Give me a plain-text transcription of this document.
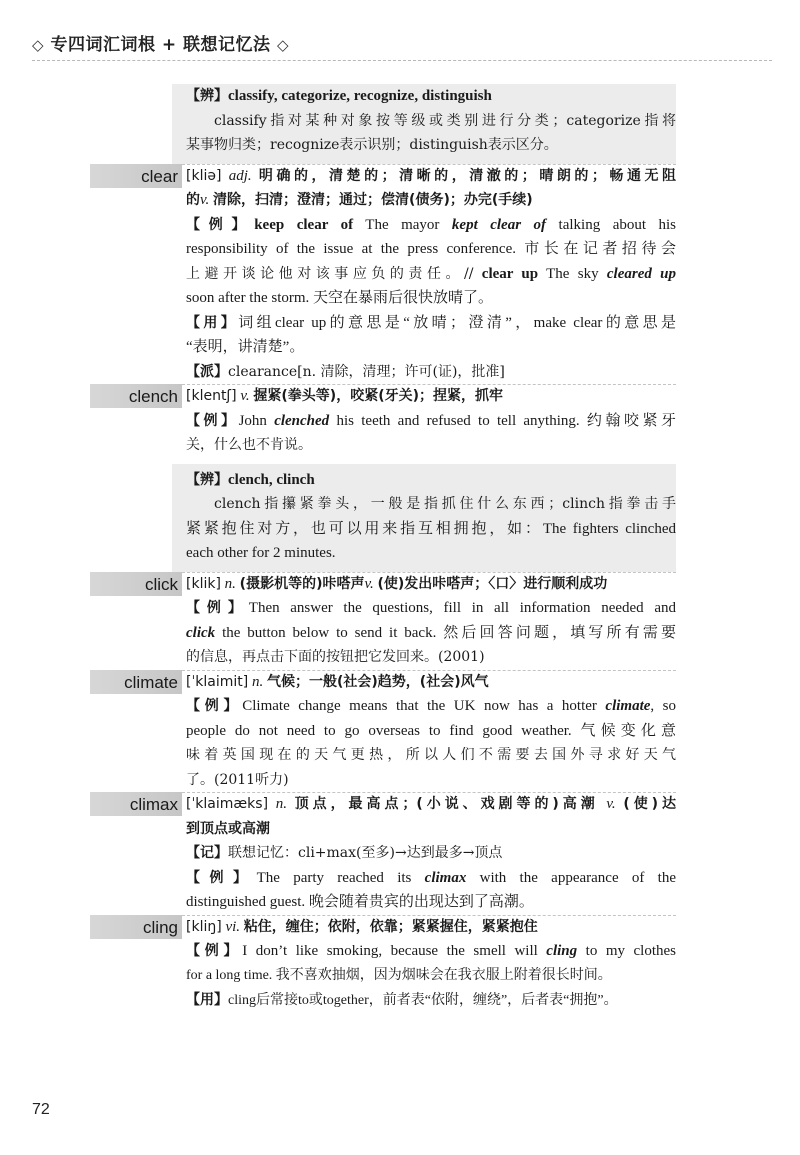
◇ 专四词汇词根 + 联想记忆法 ◇
【辨】classify, categorize, recognize, distinguish
classify指对某种对象按等级或类别进行分类；categorize指将
某事物归类；recognize表示识别；distinguish表示区分。
clear [kliə] adj. 明确的，清楚的；清晰的，清澈的；晴朗的；畅通无阻
的v. 清除，扫清；澄清；通过；偿清(债务)；办完(手续)
【例】keep clear of The mayor kept clear of talking about his
responsibility of the issue at the press conference. 市长在记者招待会
上避开谈论他对该事应负的责任。// clear up The sky cleared up
soon after the storm. 天空在暴雨后很快放晴了。
【用】词组clear up的意思是“放晴；澄清”，make clear的意思是
“表明，讲清楚”。
【派】clearance[n. 清除，清理；许可(证)，批准]
clench [klentʃ] v. 握紧(拳头等)，咬紧(牙关)；捏紧，抓牢
【例】John clenched his teeth and refused to tell anything. 约翰咬紧牙
关，什么也不肯说。
【辨】clench, clinch
clench指攥紧拳头，一般是指抓住什么东西；clinch指拳击手
紧紧抱住对方，也可以用来指互相拥抱，如：The fighters clinched
each other for 2 minutes.
click [klik] n. (摄影机等的)咔嗒声v. (使)发出咔嗒声；〈口〉进行顺利成功
【例】Then answer the questions, fill in all information needed and
click the button below to send it back. 然后回答问题，填写所有需要
的信息，再点击下面的按钮把它发回来。(2001)
climate [ˈklaimit] n. 气候；一般(社会)趋势，(社会)风气
【例】Climate change means that the UK now has a hotter climate, so
people do not need to go overseas to find good weather. 气候变化意
味着英国现在的天气更热，所以人们不需要去国外寻求好天气
了。(2011听力)
climax [ˈklaimæks] n. 顶点，最高点；(小说、戏剧等的)高潮 v. (使)达
到顶点或高潮
【记】联想记忆：cli+max(至多)→达到最多→顶点
【例】The party reached its climax with the appearance of the
distinguished guest. 晚会随着贵宾的出现达到了高潮。
cling [kliŋ] vi. 粘住，缠住；依附，依靠；紧紧握住，紧紧抱住
【例】I don’t like smoking, because the smell will cling to my clothes
for a long time. 我不喜欢抽烟，因为烟味会在我衣服上附着很长时间。
【用】cling后常接to或together，前者表“依附，缠绕”，后者表“拥抱”。
72
